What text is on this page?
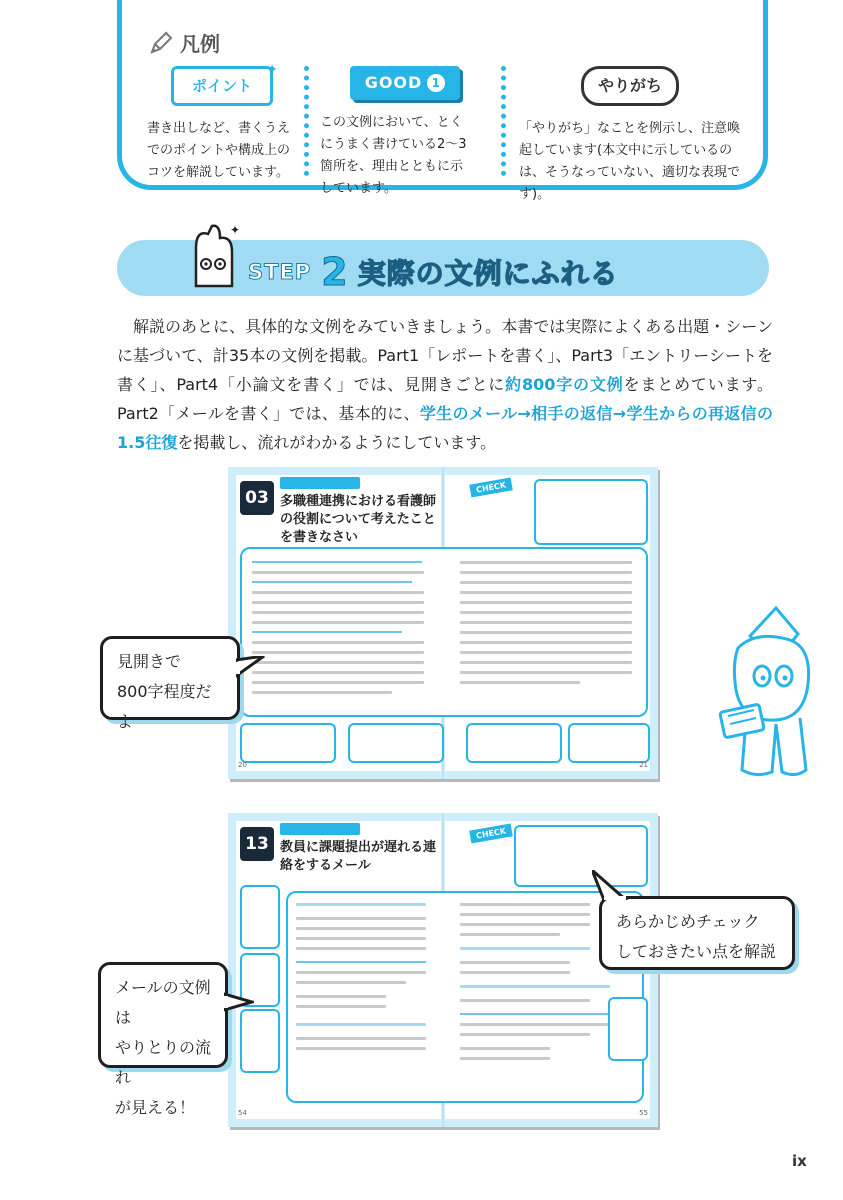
凡例
ポイント
✦
書き出しなど、書くうえでのポイントや構成上のコツを解説しています。
GOOD 1
この文例において、とくにうまく書けている2〜3箇所を、理由とともに示しています。
やりがち
「やりがち」なことを例示し、注意喚起しています(本文中に示しているのは、そうなっていない、適切な表現です)。
✦
STEP 2 実際の文例にふれる
解説のあとに、具体的な文例をみていきましょう。本書では実際によくある出題・シーンに基づいて、計35本の文例を掲載。Part1「レポートを書く」、Part3「エントリーシートを書く」、Part4「小論文を書く」では、見開きごとに約800字の文例をまとめています。Part2「メールを書く」では、基本的に、学生のメール→相手の返信→学生からの再返信の1.5往復を掲載し、流れがわかるようにしています。
03 多職種連携における看護師の役割について考えたことを書きなさい
CHECK
20	21
13 教員に課題提出が遅れる連絡をするメール
CHECK
54	55
見開きで
800字程度だよ
あらかじめチェック
しておきたい点を解説
メールの文例は
やりとりの流れ
が見える！
ix
